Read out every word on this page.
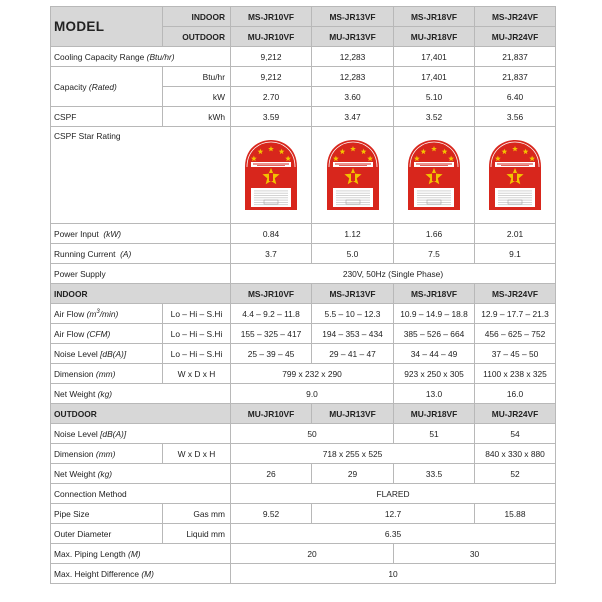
MODEL	INDOOR	MS-JR10VF	MS-JR13VF	MS-JR18VF	MS-JR24VF
	OUTDOOR	MU-JR10VF	MU-JR13VF	MU-JR18VF	MU-JR24VF
Cooling Capacity Range (Btu/hr)		9,212	12,283	17,401	21,837
Capacity (Rated)	Btu/hr	9,212	12,283	17,401	21,837
	kW	2.70	3.60	5.10	6.40
CSPF	kWh	3.59	3.47	3.52	3.56
CSPF Star Rating				
Power Input (kW)		0.84	1.12	1.66	2.01
Running Current (A)		3.7	5.0	7.5	9.1
Power Supply		230V, 50Hz (Single Phase)			
INDOOR		MS-JR10VF	MS-JR13VF	MS-JR18VF	MS-JR24VF
Air Flow $(m^3/\min)$	Lo – Hi – S.Hi	4.4 – 9.2 – 11.8	5.5 – 10 – 12.3	10.9 – 14.9 – 18.8	12.9 – 17.7 – 21.3
Air Flow (CFM)	Lo – Hi – S.Hi	155 – 325 – 417	194 – 353 – 434	385 – 526 – 664	456 – 625 – 752
Noise Level [dB(A)]	Lo – Hi – S.Hi	25 – 39 – 45	29 – 41 – 47	34 – 44 – 49	37 – 45 – 50
Dimension (mm)	W x D x H	799 x 232 x 290		923 x 250 x 305	1100 x 238 x 325
Net Weight (kg)		9.0		13.0	16.0
OUTDOOR		MU-JR10VF	MU-JR13VF	MU-JR18VF	MU-JR24VF
Noise Level [dB(A)]		50		51	54
Dimension (mm)	W x D x H	718 x 255 x 525			840 x 330 x 880
Net Weight (kg)		26	29	33.5	52
Connection Method		FLARED			
Pipe Size	Gas mm	9.52	12.7		15.88
Outer Diameter	Liquid mm	6.35			
Max. Piping Length (M)		20		30	
Max. Height Difference (M)		10			
